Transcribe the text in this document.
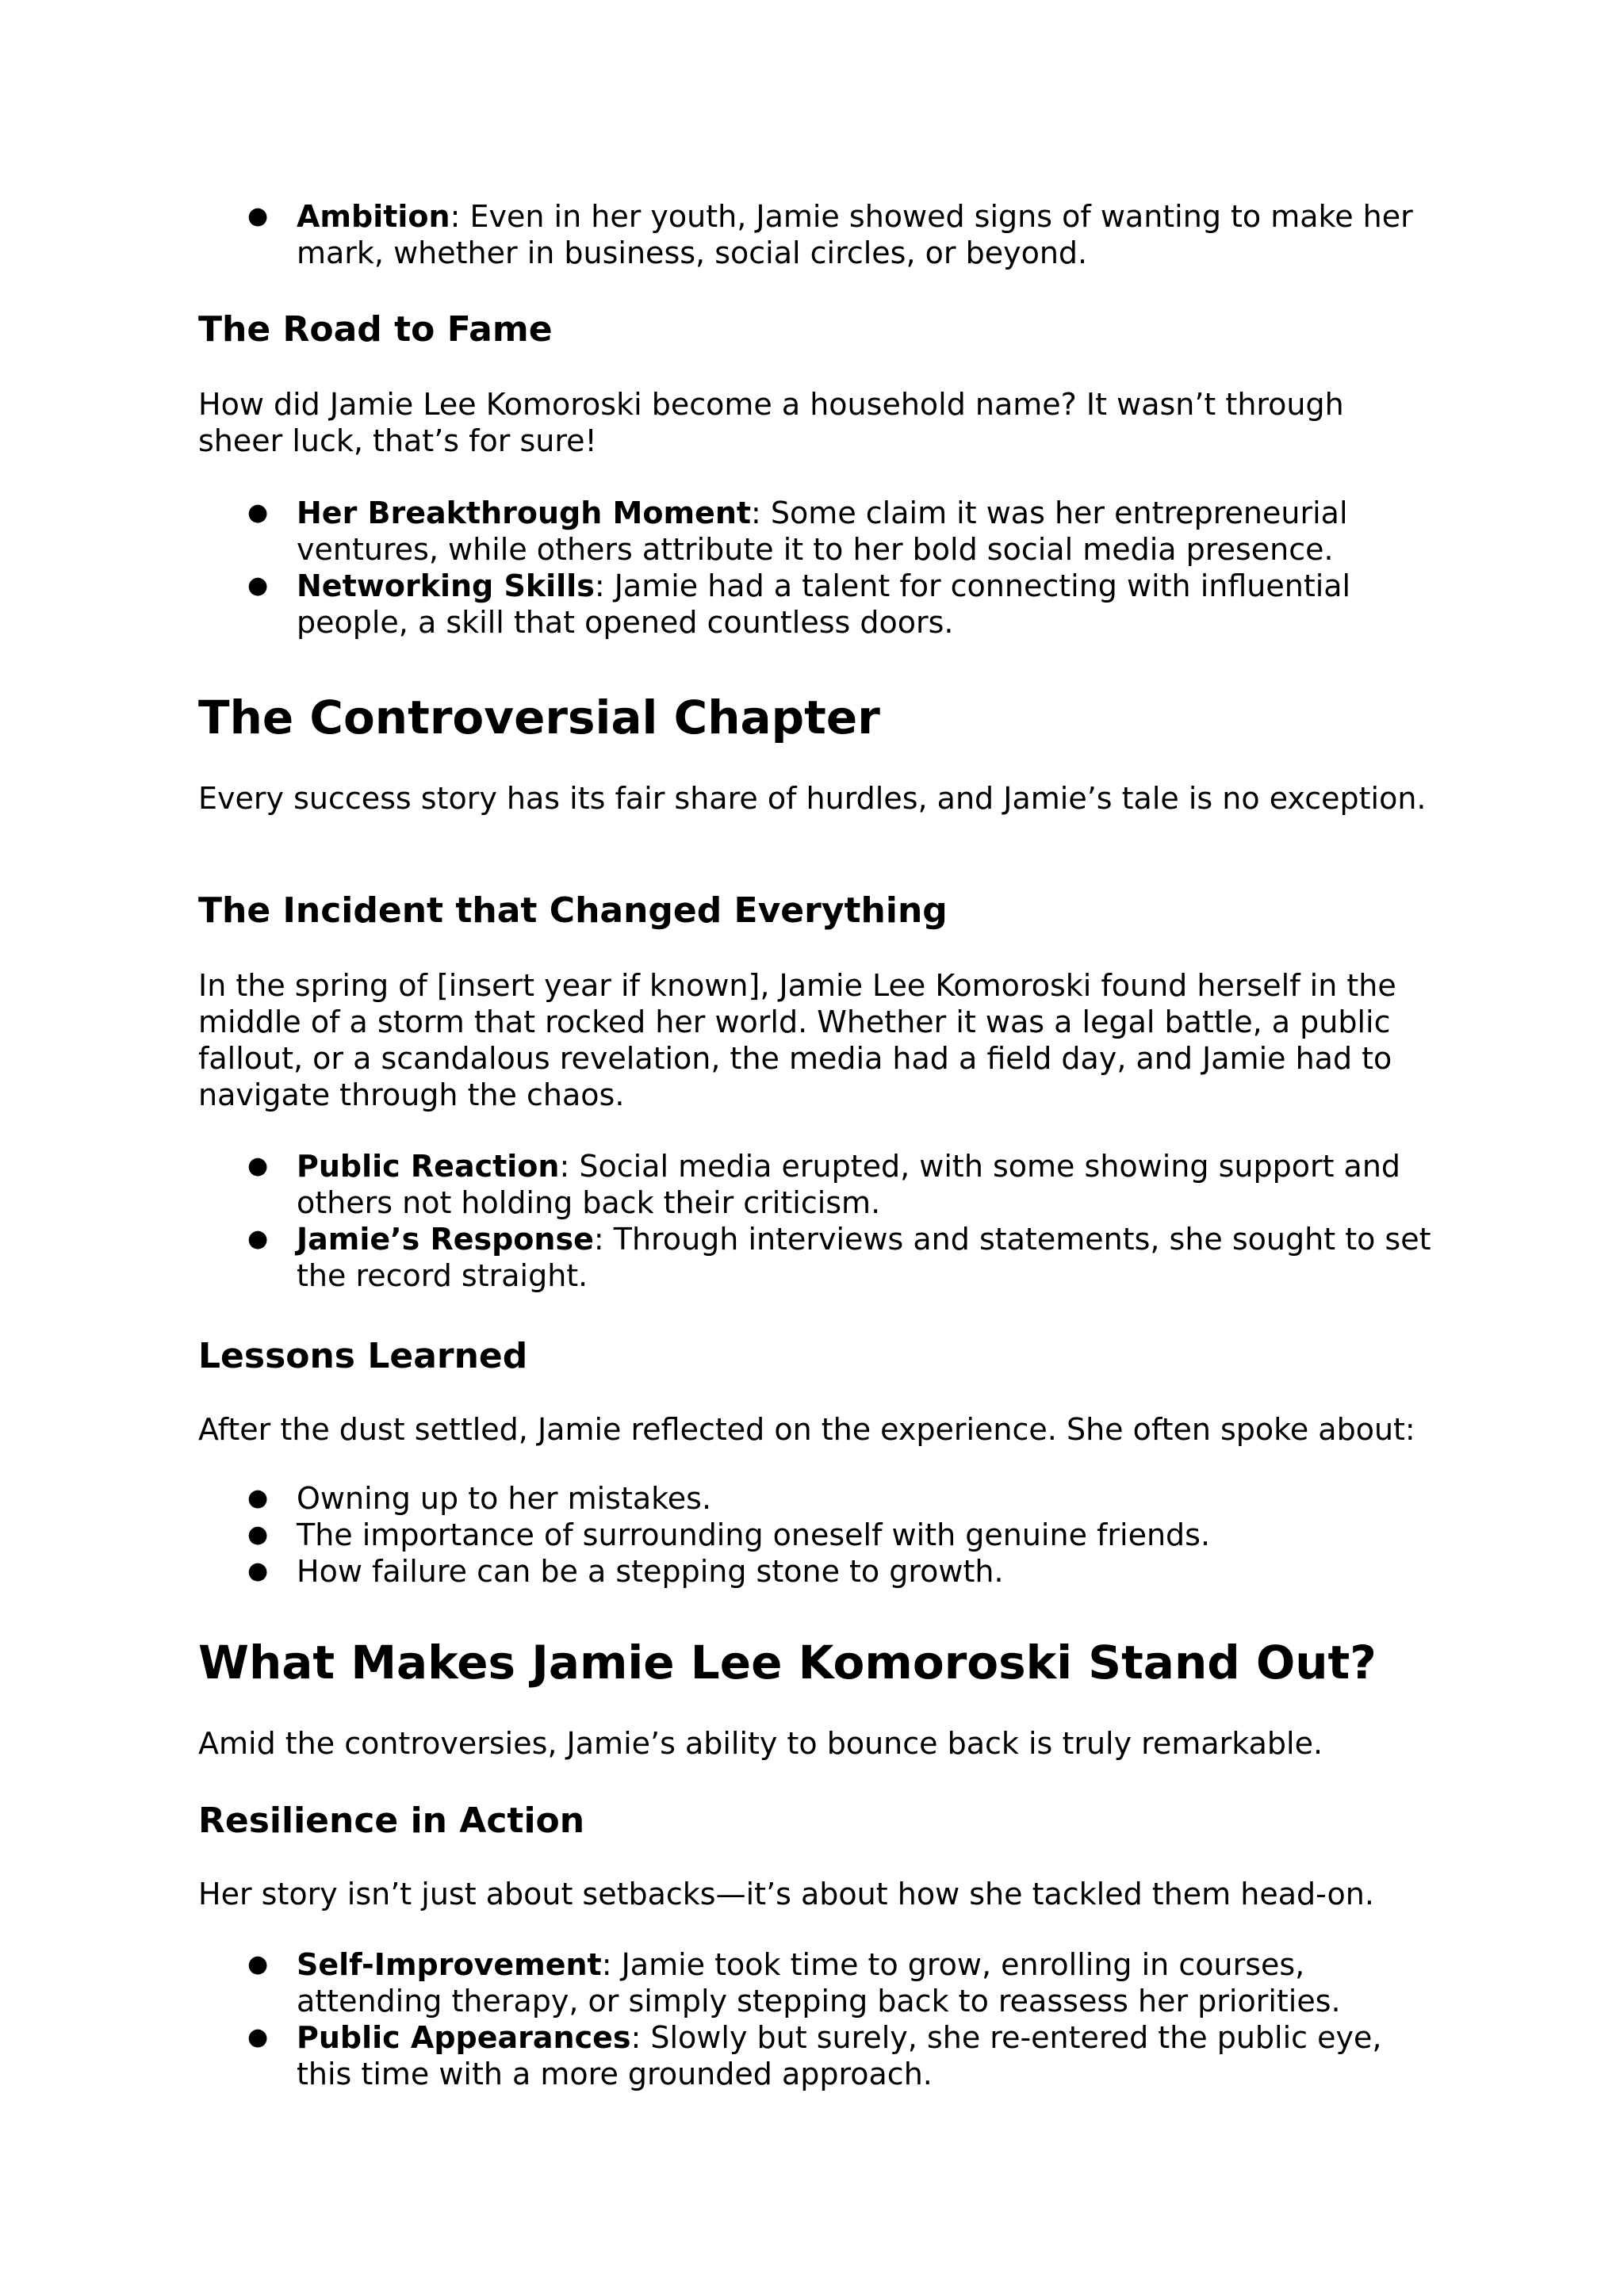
● Ambition: Even in her youth, Jamie showed signs of wanting to make her mark, whether in business, social circles, or beyond.
The Road to Fame

How did Jamie Lee Komoroski become a household name? It wasn’t through sheer luck, that’s for sure!

● Her Breakthrough Moment: Some claim it was her entrepreneurial ventures, while others attribute it to her bold social media presence.
● Networking Skills: Jamie had a talent for connecting with influential people, a skill that opened countless doors.
The Controversial Chapter

Every success story has its fair share of hurdles, and Jamie’s tale is no exception.

The Incident that Changed Everything

In the spring of [insert year if known], Jamie Lee Komoroski found herself in the middle of a storm that rocked her world. Whether it was a legal battle, a public fallout, or a scandalous revelation, the media had a field day, and Jamie had to navigate through the chaos.

● Public Reaction: Social media erupted, with some showing support and others not holding back their criticism.
● Jamie’s Response: Through interviews and statements, she sought to set the record straight.
Lessons Learned

After the dust settled, Jamie reflected on the experience. She often spoke about:

● Owning up to her mistakes.
● The importance of surrounding oneself with genuine friends.
● How failure can be a stepping stone to growth.
What Makes Jamie Lee Komoroski Stand Out?

Amid the controversies, Jamie’s ability to bounce back is truly remarkable.

Resilience in Action

Her story isn’t just about setbacks—it’s about how she tackled them head-on.

● Self-Improvement: Jamie took time to grow, enrolling in courses, attending therapy, or simply stepping back to reassess her priorities.
● Public Appearances: Slowly but surely, she re-entered the public eye, this time with a more grounded approach.
